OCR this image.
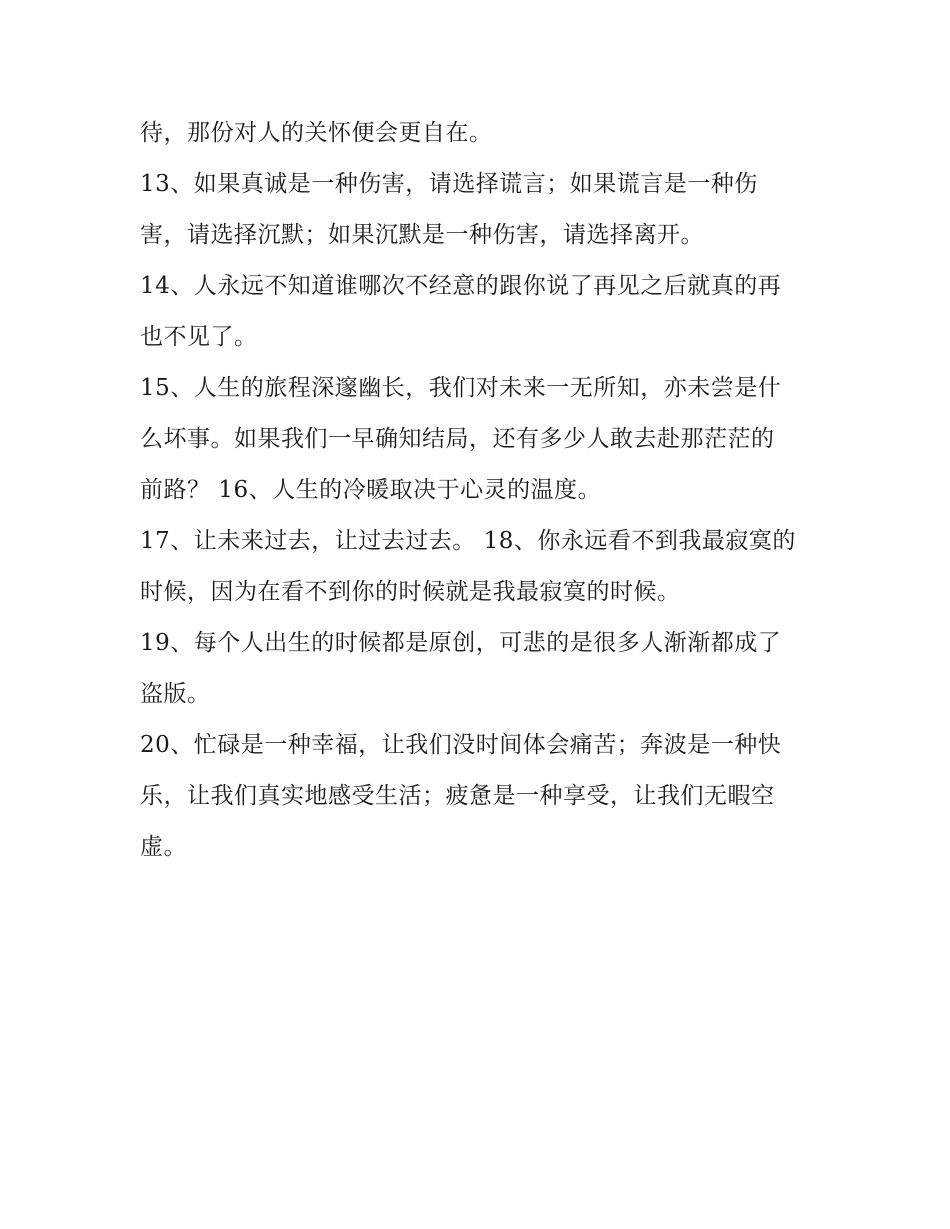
待，那份对人的关怀便会更自在。
13、如果真诚是一种伤害，请选择谎言；如果谎言是一种伤
害，请选择沉默；如果沉默是一种伤害，请选择离开。
14、人永远不知道谁哪次不经意的跟你说了再见之后就真的再
也不见了。
15、人生的旅程深邃幽长，我们对未来一无所知，亦未尝是什
么坏事。如果我们一早确知结局，还有多少人敢去赴那茫茫的
前路？ 16、人生的冷暖取决于心灵的温度。
17、让未来过去，让过去过去。 18、你永远看不到我最寂寞的
时候，因为在看不到你的时候就是我最寂寞的时候。
19、每个人出生的时候都是原创，可悲的是很多人渐渐都成了
盗版。
20、忙碌是一种幸福，让我们没时间体会痛苦；奔波是一种快
乐，让我们真实地感受生活；疲惫是一种享受，让我们无暇空
虚。
